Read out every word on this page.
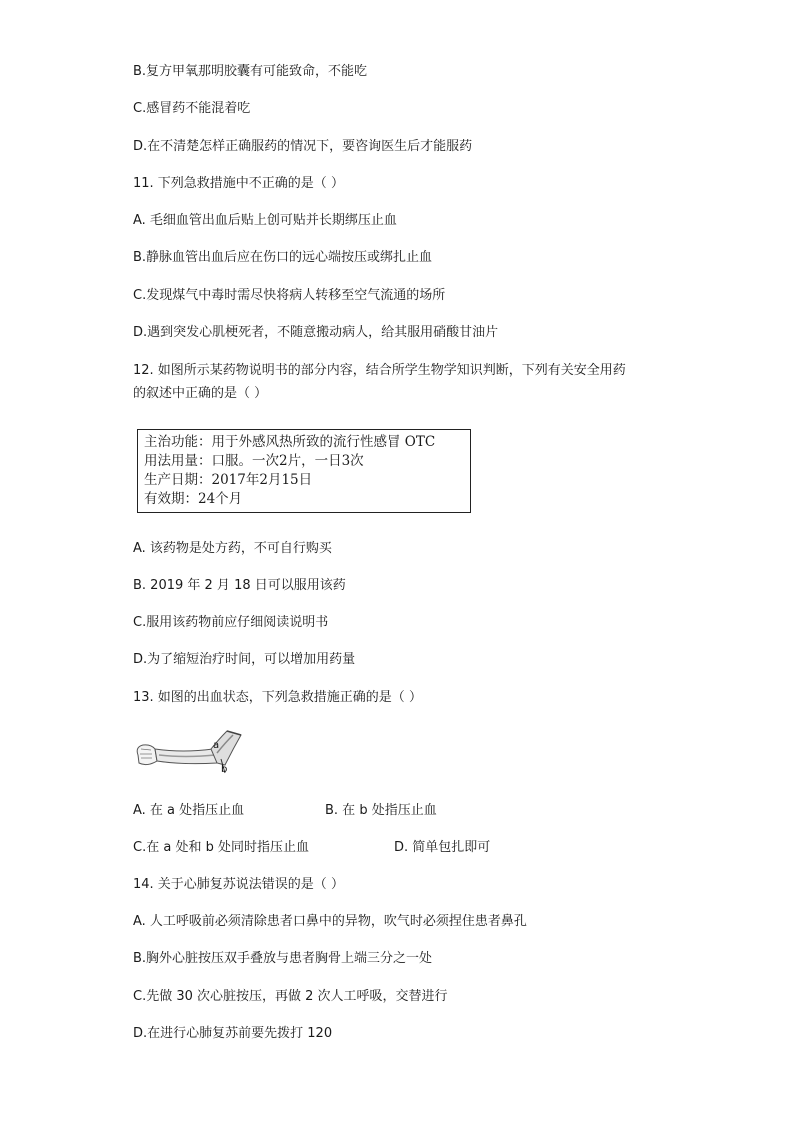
B.复方甲氧那明胶囊有可能致命，不能吃
C.感冒药不能混着吃
D.在不清楚怎样正确服药的情况下，要咨询医生后才能服药
11. 下列急救措施中不正确的是（ ）
A. 毛细血管出血后贴上创可贴并长期绑压止血
B.静脉血管出血后应在伤口的远心端按压或绑扎止血
C.发现煤气中毒时需尽快将病人转移至空气流通的场所
D.遇到突发心肌梗死者，不随意搬动病人，给其服用硝酸甘油片
12. 如图所示某药物说明书的部分内容，结合所学生物学知识判断，下列有关安全用药
的叙述中正确的是（ ）
主治功能：用于外感风热所致的流行性感冒 OTC
用法用量：口服。一次2片，一日3次
生产日期：2017年2月15日
有效期：24个月
A. 该药物是处方药，不可自行购买
B. 2019 年 2 月 18 日可以服用该药
C.服用该药物前应仔细阅读说明书
D.为了缩短治疗时间，可以增加用药量
13. 如图的出血状态，下列急救措施正确的是（ ）
a
b
A. 在 a 处指压止血	B. 在 b 处指压止血
C.在 a 处和 b 处同时指压止血	D. 简单包扎即可
14. 关于心肺复苏说法错误的是（ ）
A. 人工呼吸前必须清除患者口鼻中的异物，吹气时必须捏住患者鼻孔
B.胸外心脏按压双手叠放与患者胸骨上端三分之一处
C.先做 30 次心脏按压，再做 2 次人工呼吸，交替进行
D.在进行心肺复苏前要先拨打 120
